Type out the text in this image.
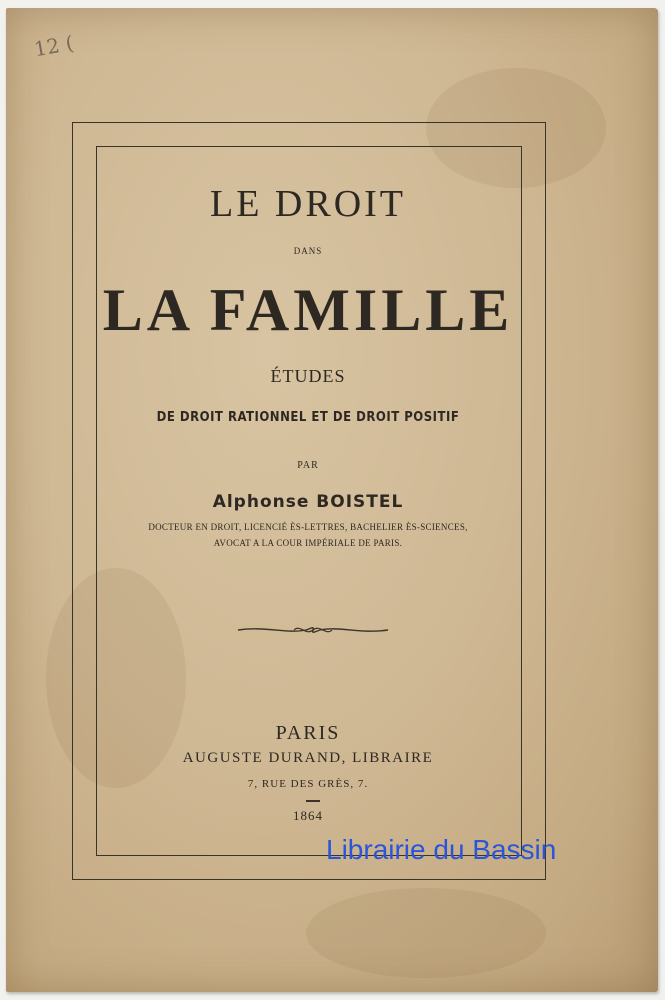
12 (
LE DROIT
DANS
LA FAMILLE
ÉTUDES
DE DROIT RATIONNEL ET DE DROIT POSITIF
PAR
Alphonse BOISTEL
DOCTEUR EN DROIT, LICENCIÉ ÈS-LETTRES, BACHELIER ÈS-SCIENCES,
AVOCAT A LA COUR IMPÉRIALE DE PARIS.
PARIS
AUGUSTE DURAND, LIBRAIRE
7, RUE DES GRÈS, 7.
1864
Librairie du Bassin
